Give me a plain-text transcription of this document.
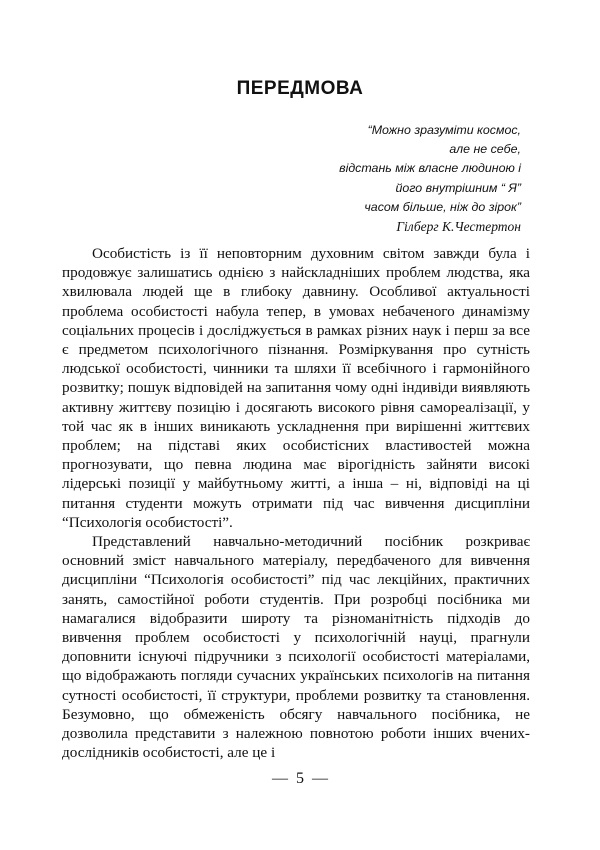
ПЕРЕДМОВА
“Можно зразуміти космос,
але не себе,
відстань між власне людиною і
його внутрішним “ Я”
часом більше, ніж до зірок”
Гілберг К.Честертон

Особистість із її неповторним духовним світом завжди була і продовжує залишатись однією з найскладніших проблем людства, яка хвилювала людей ще в глибоку давнину. Особливої актуальності проблема особистості набула тепер, в умовах небаченого динамізму соціальних процесів і досліджується в рамках різних наук і перш за все є предметом психологічного пізнання. Розміркування про сутність людської особистості, чинники та шляхи її всебічного і гармонійного розвитку; пошук відповідей на запитання чому одні індивіди виявляють активну життєву позицію і досягають високого рівня самореалізації, у той час як в інших виникають ускладнення при вирішенні життєвих проблем; на підставі яких особистісних властивостей можна прогнозувати, що певна людина має вірогідність зайняти високі лідерські позиції у майбутньому житті, а інша – ні, відповіді на ці питання студенти можуть отримати під час вивчення дисципліни “Психологія особистості”.

Представлений навчально-методичний посібник розкриває основний зміст навчального матеріалу, передбаченого для вивчення дисципліни “Психологія особистості” під час лекційних, практичних занять, самостійної роботи студентів. При розробці посібника ми намагалися відобразити широту та різноманітність підходів до вивчення проблем особистості у психологічній науці, прагнули доповнити існуючі підручники з психології особистості матеріалами, що відображають погляди сучасних українських психологів на питання сутності особистості, її структури, проблеми розвитку та становлення. Безумовно, що обмеженість обсягу навчального посібника, не дозволила представити з належною повнотою роботи інших вчених-дослідників особистості, але це і

— 5 —
